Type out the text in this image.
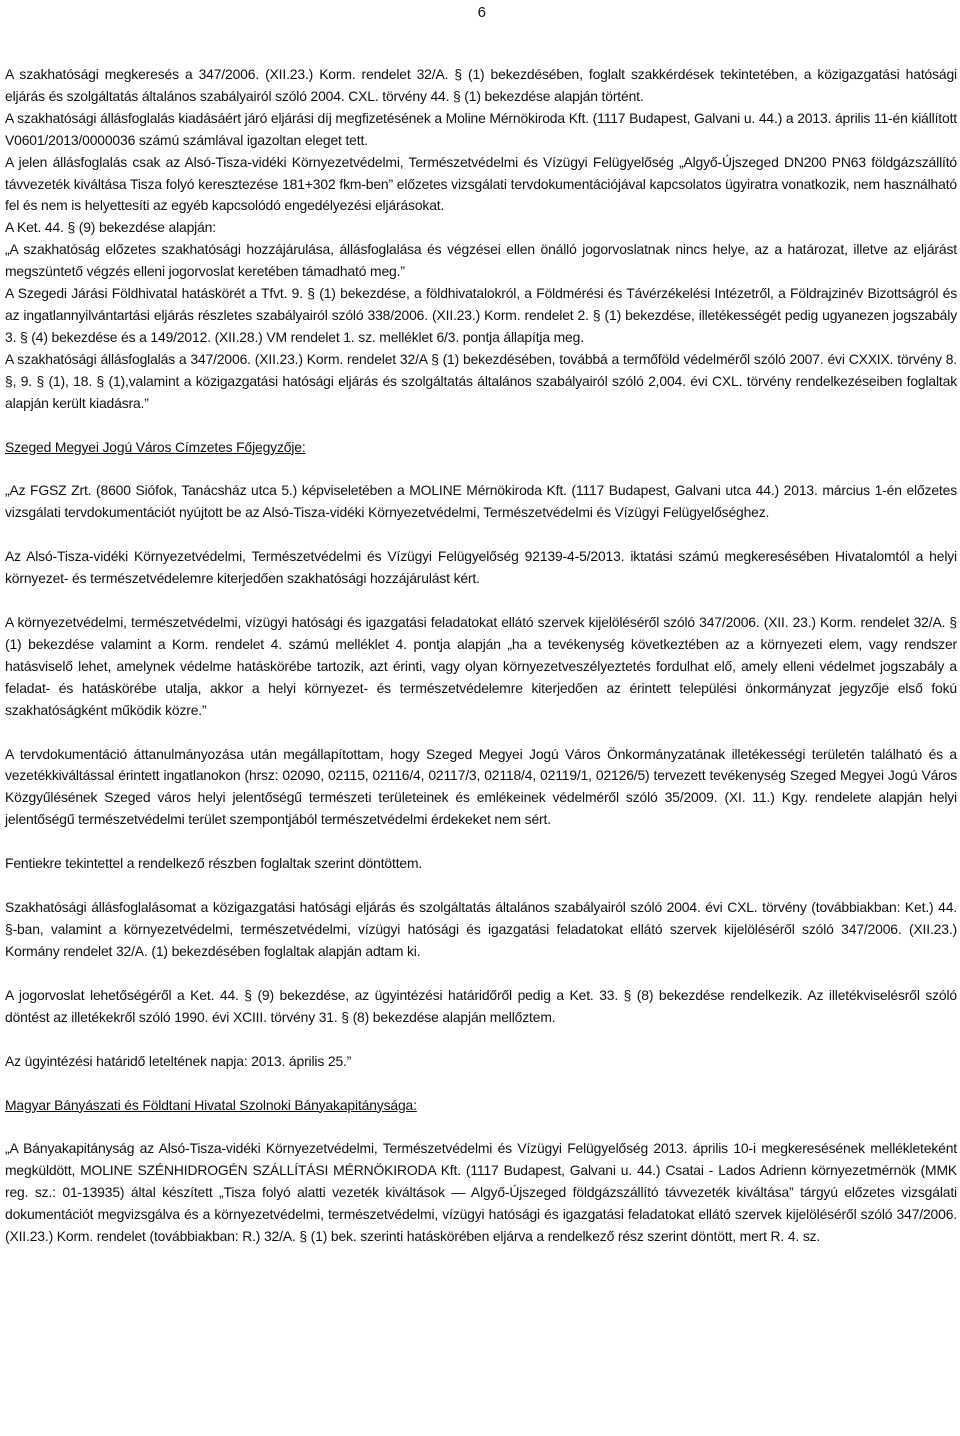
6

A szakhatósági megkeresés a 347/2006. (XII.23.) Korm. rendelet 32/A. § (1) bekezdésében, foglalt szakkérdések tekintetében, a közigazgatási hatósági eljárás és szolgáltatás általános szabályairól szóló 2004. CXL. törvény 44. § (1) bekezdése alapján történt.

A szakhatósági állásfoglalás kiadásáért járó eljárási díj megfizetésének a Moline Mérnökiroda Kft. (1117 Budapest, Galvani u. 44.) a 2013. április 11-én kiállított V0601/2013/0000036 számú számlával igazoltan eleget tett.

A jelen állásfoglalás csak az Alsó-Tisza-vidéki Környezetvédelmi, Természetvédelmi és Vízügyi Felügyelőség „Algyő-Újszeged DN200 PN63 földgázszállító távvezeték kiváltása Tisza folyó keresztezése 181+302 fkm-ben” előzetes vizsgálati tervdokumentációjával kapcsolatos ügyiratra vonatkozik, nem használható fel és nem is helyettesíti az egyéb kapcsolódó engedélyezési eljárásokat.

A Ket. 44. § (9) bekezdése alapján:

„A szakhatóság előzetes szakhatósági hozzájárulása, állásfoglalása és végzései ellen önálló jogorvoslatnak nincs helye, az a határozat, illetve az eljárást megszüntető végzés elleni jogorvoslat keretében támadható meg.”

A Szegedi Járási Földhivatal hatáskörét a Tfvt. 9. § (1) bekezdése, a földhivatalokról, a Földmérési és Távérzékelési Intézetről, a Földrajzinév Bizottságról és az ingatlannyilvántartási eljárás részletes szabályairól szóló 338/2006. (XII.23.) Korm. rendelet 2. § (1) bekezdése, illetékességét pedig ugyanezen jogszabály 3. § (4) bekezdése és a 149/2012. (XII.28.) VM rendelet 1. sz. melléklet 6/3. pontja állapítja meg.

A szakhatósági állásfoglalás a 347/2006. (XII.23.) Korm. rendelet 32/A § (1) bekezdésében, továbbá a termőföld védelméről szóló 2007. évi CXXIX. törvény 8. §, 9. § (1), 18. § (1),valamint a közigazgatási hatósági eljárás és szolgáltatás általános szabályairól szóló 2,004. évi CXL. törvény rendelkezéseiben foglaltak alapján került kiadásra.”

Szeged Megyei Jogú Város Címzetes Főjegyzője:

„Az FGSZ Zrt. (8600 Siófok, Tanácsház utca 5.) képviseletében a MOLINE Mérnökiroda Kft. (1117 Budapest, Galvani utca 44.) 2013. március 1-én előzetes vizsgálati tervdokumentációt nyújtott be az Alsó-Tisza-vidéki Környezetvédelmi, Természetvédelmi és Vízügyi Felügyelőséghez.

Az Alsó-Tisza-vidéki Környezetvédelmi, Természetvédelmi és Vízügyi Felügyelőség 92139-4-5/2013. iktatási számú megkeresésében Hivatalomtól a helyi környezet- és természetvédelemre kiterjedően szakhatósági hozzájárulást kért.

A környezetvédelmi, természetvédelmi, vízügyi hatósági és igazgatási feladatokat ellátó szervek kijelöléséről szóló 347/2006. (XII. 23.) Korm. rendelet 32/A. § (1) bekezdése valamint a Korm. rendelet 4. számú melléklet 4. pontja alapján „ha a tevékenység következtében az a környezeti elem, vagy rendszer hatásviselő lehet, amelynek védelme hatáskörébe tartozik, azt érinti, vagy olyan környezetveszélyeztetés fordulhat elő, amely elleni védelmet jogszabály a feladat- és hatáskörébe utalja, akkor a helyi környezet- és természetvédelemre kiterjedően az érintett települési önkormányzat jegyzője első fokú szakhatóságként működik közre.”

A tervdokumentáció áttanulmányozása után megállapítottam, hogy Szeged Megyei Jogú Város Önkormányzatának illetékességi területén található és a vezetékkiváltással érintett ingatlanokon (hrsz: 02090, 02115, 02116/4, 02117/3, 02118/4, 02119/1, 02126/5) tervezett tevékenység Szeged Megyei Jogú Város Közgyűlésének Szeged város helyi jelentőségű természeti területeinek és emlékeinek védelméről szóló 35/2009. (XI. 11.) Kgy. rendelete alapján helyi jelentőségű természetvédelmi terület szempontjából természetvédelmi érdekeket nem sért.

Fentiekre tekintettel a rendelkező részben foglaltak szerint döntöttem.

Szakhatósági állásfoglalásomat a közigazgatási hatósági eljárás és szolgáltatás általános szabályairól szóló 2004. évi CXL. törvény (továbbiakban: Ket.) 44. §-ban, valamint a környezetvédelmi, természetvédelmi, vízügyi hatósági és igazgatási feladatokat ellátó szervek kijelöléséről szóló 347/2006. (XII.23.) Kormány rendelet 32/A. (1) bekezdésében foglaltak alapján adtam ki.

A jogorvoslat lehetőségéről a Ket. 44. § (9) bekezdése, az ügyintézési határidőről pedig a Ket. 33. § (8) bekezdése rendelkezik. Az illetékviselésről szóló döntést az illetékekről szóló 1990. évi XCIII. törvény 31. § (8) bekezdése alapján mellőztem.

Az ügyintézési határidő leteltének napja: 2013. április 25.”

Magyar Bányászati és Földtani Hivatal Szolnoki Bányakapitánysága:

„A Bányakapitányság az Alsó-Tisza-vidéki Környezetvédelmi, Természetvédelmi és Vízügyi Felügyelőség 2013. április 10-i megkeresésének mellékleteként megküldött, MOLINE SZÉNHIDROGÉN SZÁLLÍTÁSI MÉRNÖKIRODA Kft. (1117 Budapest, Galvani u. 44.) Csatai - Lados Adrienn környezetmérnök (MMK reg. sz.: 01-13935) által készített „Tisza folyó alatti vezeték kiváltások — Algyő-Újszeged földgázszállító távvezeték kiváltása” tárgyú előzetes vizsgálati dokumentációt megvizsgálva és a környezetvédelmi, természetvédelmi, vízügyi hatósági és igazgatási feladatokat ellátó szervek kijelöléséről szóló 347/2006. (XII.23.) Korm. rendelet (továbbiakban: R.) 32/A. § (1) bek. szerinti hatáskörében eljárva a rendelkező rész szerint döntött, mert R. 4. sz.
